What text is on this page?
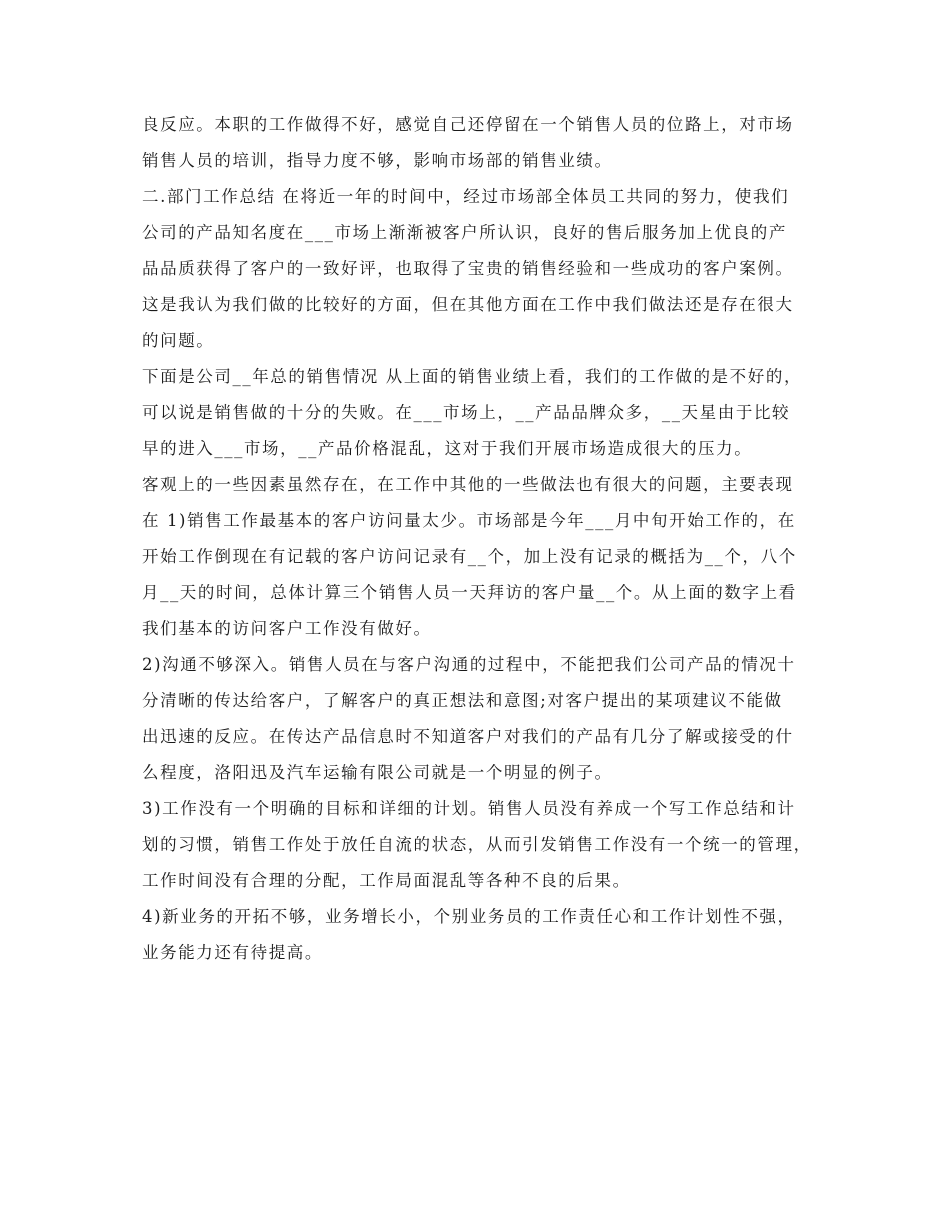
良反应。本职的工作做得不好，感觉自己还停留在一个销售人员的位路上，对市场
销售人员的培训，指导力度不够，影响市场部的销售业绩。
二.部门工作总结 在将近一年的时间中，经过市场部全体员工共同的努力，使我们
公司的产品知名度在___市场上渐渐被客户所认识，良好的售后服务加上优良的产
品品质获得了客户的一致好评，也取得了宝贵的销售经验和一些成功的客户案例。
这是我认为我们做的比较好的方面，但在其他方面在工作中我们做法还是存在很大
的问题。
下面是公司__年总的销售情况 从上面的销售业绩上看，我们的工作做的是不好的，
可以说是销售做的十分的失败。在___市场上，__产品品牌众多，__天星由于比较
早的进入___市场，__产品价格混乱，这对于我们开展市场造成很大的压力。
客观上的一些因素虽然存在，在工作中其他的一些做法也有很大的问题，主要表现
在 1)销售工作最基本的客户访问量太少。市场部是今年___月中旬开始工作的，在
开始工作倒现在有记载的客户访问记录有__个，加上没有记录的概括为__个，八个
月__天的时间，总体计算三个销售人员一天拜访的客户量__个。从上面的数字上看
我们基本的访问客户工作没有做好。
2)沟通不够深入。销售人员在与客户沟通的过程中，不能把我们公司产品的情况十
分清晰的传达给客户，了解客户的真正想法和意图;对客户提出的某项建议不能做
出迅速的反应。在传达产品信息时不知道客户对我们的产品有几分了解或接受的什
么程度，洛阳迅及汽车运输有限公司就是一个明显的例子。
3)工作没有一个明确的目标和详细的计划。销售人员没有养成一个写工作总结和计
划的习惯，销售工作处于放任自流的状态，从而引发销售工作没有一个统一的管理，
工作时间没有合理的分配，工作局面混乱等各种不良的后果。
4)新业务的开拓不够，业务增长小，个别业务员的工作责任心和工作计划性不强，
业务能力还有待提高。
